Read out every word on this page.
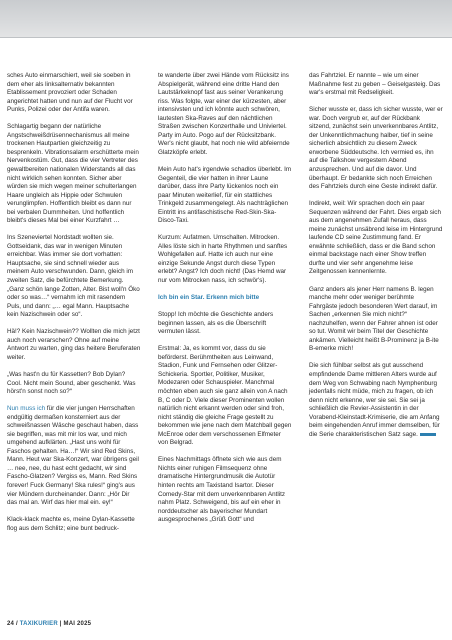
sches Auto einmarschiert, weil sie soeben in dem eher als linksalternativ bekannten Etablissement provoziert oder Schaden angerichtet hatten und nun auf der Flucht vor Punks, Polizei oder der Antifa waren.

Schlagartig begann der natürliche Angstschweißdrüsennechanismus all meine trockenen Hautpartien gleichzeitig zu besprenkeln. Vibrationsalarm erschütterte mein Nervenkostüm. Gut, dass die vier Vertreter des gewaltbereiten nationalen Widerstands all das nicht wirklich sehen konnten. Sicher aber würden sie mich wegen meiner schulterlangen Haare ungleich als Hippie oder Schwulen verunglimpfen. Hoffentlich bleibt es dann nur bei verbalen Dummheiten. Und hoffentlich bleibt's dieses Mal bei einer Kurzfahrt …

Ins Szeneviertel Nordstadt wollten sie. Gottseidank, das war in wenigen Minuten erreichbar. Was immer sie dort vorhatten: Hauptsache, sie sind schnell wieder aus meinem Auto verschwunden. Dann, gleich im zweiten Satz, die befürchtete Bemerkung. „Ganz schön lange Zotten, Alter. Bist woll'n Öko oder so was…“ vernahm ich mit rasendem Puls, und dann: „… egal Mann. Hauptsache kein Nazischwein oder so“.

Hä!? Kein Nazischwein?? Wollten die mich jetzt auch noch verarschen? Ohne auf meine Antwort zu warten, ging das heitere Beruferaten weiter.

„Was hast'n du für Kassetten? Bob Dylan? Cool. Nicht mein Sound, aber geschenkt. Was hörst'n sonst noch so?“

Nun muss ich für die vier jungen Herrschaften endgültig dermaßen konsterniert aus der schweißnassen Wäsche geschaut haben, dass sie begriffen, was mit mir los war, und mich umgehend aufklärten. „Hast uns wohl für Faschos gehalten. Ha…!“ Wir sind Red Skins, Mann. Heut war Ska-Konzert, war übrigens geil … nee, nee, du hast echt gedacht, wir sind Fascho-Glatzen? Vergiss es, Mann. Red Skins forever! Fuck Germany! Ska rules!“ ging's aus vier Mündern durcheinander. Dann: „Hör Dir das mal an. Wirf das hier mal ein. ey!“

Klack-klack machte es, meine Dylan-Kassette flog aus dem Schlitz; eine bunt bedruck-

te wanderte über zwei Hände vom Rücksitz ins Abspielgerät, während eine dritte Hand den Lautstärkeknopf fast aus seiner Verankerung riss. Was folgte, war einer der kürzesten, aber intensivsten und ich könnte auch schwören, lautesten Ska-Raves auf den nächtlichen Straßen zwischen Konzerthalle und Univiertel. Party im Auto. Pogo auf der Rücksitzbank. Wer's nicht glaubt, hat noch nie wild abfeiernde Glatzköpfe erlebt.

Mein Auto hat's irgendwie schadlos überlebt. Im Gegenteil, die vier hatten in ihrer Laune darüber, dass ihre Party lückenlos noch ein paar Minuten weiterlief, für ein stattliches Trinkgeld zusammengelegt. Als nachträglichen Eintritt ins antifaschistische Red-Skin-Ska-Disco-Taxi.

Kurzum: Aufatmen. Umschalten. Mitrocken. Alles löste sich in harte Rhythmen und sanftes Wohlgefallen auf. Hatte ich auch nur eine einzige Sekunde Angst durch diese Typen erlebt? Angst? Ich doch nicht! (Das Hemd war nur vom Mitrocken nass, ich schwör's).

Ich bin ein Star. Erkenn mich bitte

Stopp! Ich möchte die Geschichte anders beginnen lassen, als es die Überschrift vermuten lässt.

Erstmal: Ja, es kommt vor, dass du sie beförderst. Berühmtheiten aus Leinwand, Stadion, Funk und Fernsehen oder Glitzer-Schickeria. Sportler, Politiker, Musiker, Modezaren oder Schauspieler. Manchmal möchten eben auch sie ganz allein von A nach B, C oder D. Viele dieser Prominenten wollen natürlich nicht erkannt werden oder sind froh, nicht ständig die gleiche Frage gestellt zu bekommen wie jene nach dem Matchball gegen McEnroe oder dem verschossenen Elfmeter von Belgrad.

Eines Nachmittags öffnete sich wie aus dem Nichts einer ruhigen Filmsequenz ohne dramatische Hintergrundmusik die Autotür hinten rechts am Taxistand Isartor. Dieser Comedy-Star mit dem unverkennbaren Antlitz nahm Platz. Schweigend, bis auf ein eher in norddeutscher als bayerischer Mundart ausgesprochenes „Grüß Gott“ und

das Fahrtziel. Er nannte – wie um einer Maßnahme fest zu geben – Geiselgasteig. Das war's erstmal mit Redseligkeit.

Sicher wusste er, dass ich sicher wusste, wer er war. Doch vergrub er, auf der Rückbank sitzend, zunächst sein unverkennbares Antlitz, der Unkenntlichmachung halber, tief in seine sicherlich absichtlich zu diesem Zweck erworbene Süddeutsche. Ich vermied es, ihn auf die Talkshow vergestern Abend anzusprechen. Und auf die davor. Und überhaupt. Er bedankte sich noch Erreichen des Fahrtziels durch eine Geste indirekt dafür.

Indirekt, weil: Wir sprachen doch ein paar Sequenzen während der Fahrt. Dies ergab sich aus dem angenehmen Zufall heraus, dass meine zunächst unsäbrend leise im Hintergrund laufende CD seine Zustimmung fand. Er erwähnte schließlich, dass er die Band schon einmal backstage nach einer Show treffen durfte und vier sehr angenehme leise Zeitgenossen kennenlernte.

Ganz anders als jener Herr namens B. legen manche mehr oder weniger berühmte Fahrgäste jedoch besonderen Wert darauf, im Sachen „erkennen Sie mich nicht?“ nachzuhelfen, wenn der Fahrer ahnen ist oder so tut. Womit wir beim Titel der Geschichte ankämen. Vielleicht heißt B-Prominenz ja B-ite B-emerke mich!

Die sich fühlbar selbst als gut ausschend empfindende Dame mittleren Alters wurde auf dem Weg von Schwabing nach Nymphenburg jedenfalls nicht müde, mich zu fragen, ob ich denn nicht erkenne, wer sie sei. Sie sei ja schließlich die Revier-Assistentin in der Vorabend-Kleinstadt-Krimiserie, die am Anfang beim eingehenden Anruf immer demselben, für die Serie charakteristischen Satz sage.

24 / TAXIKURIER | MAI 2025
